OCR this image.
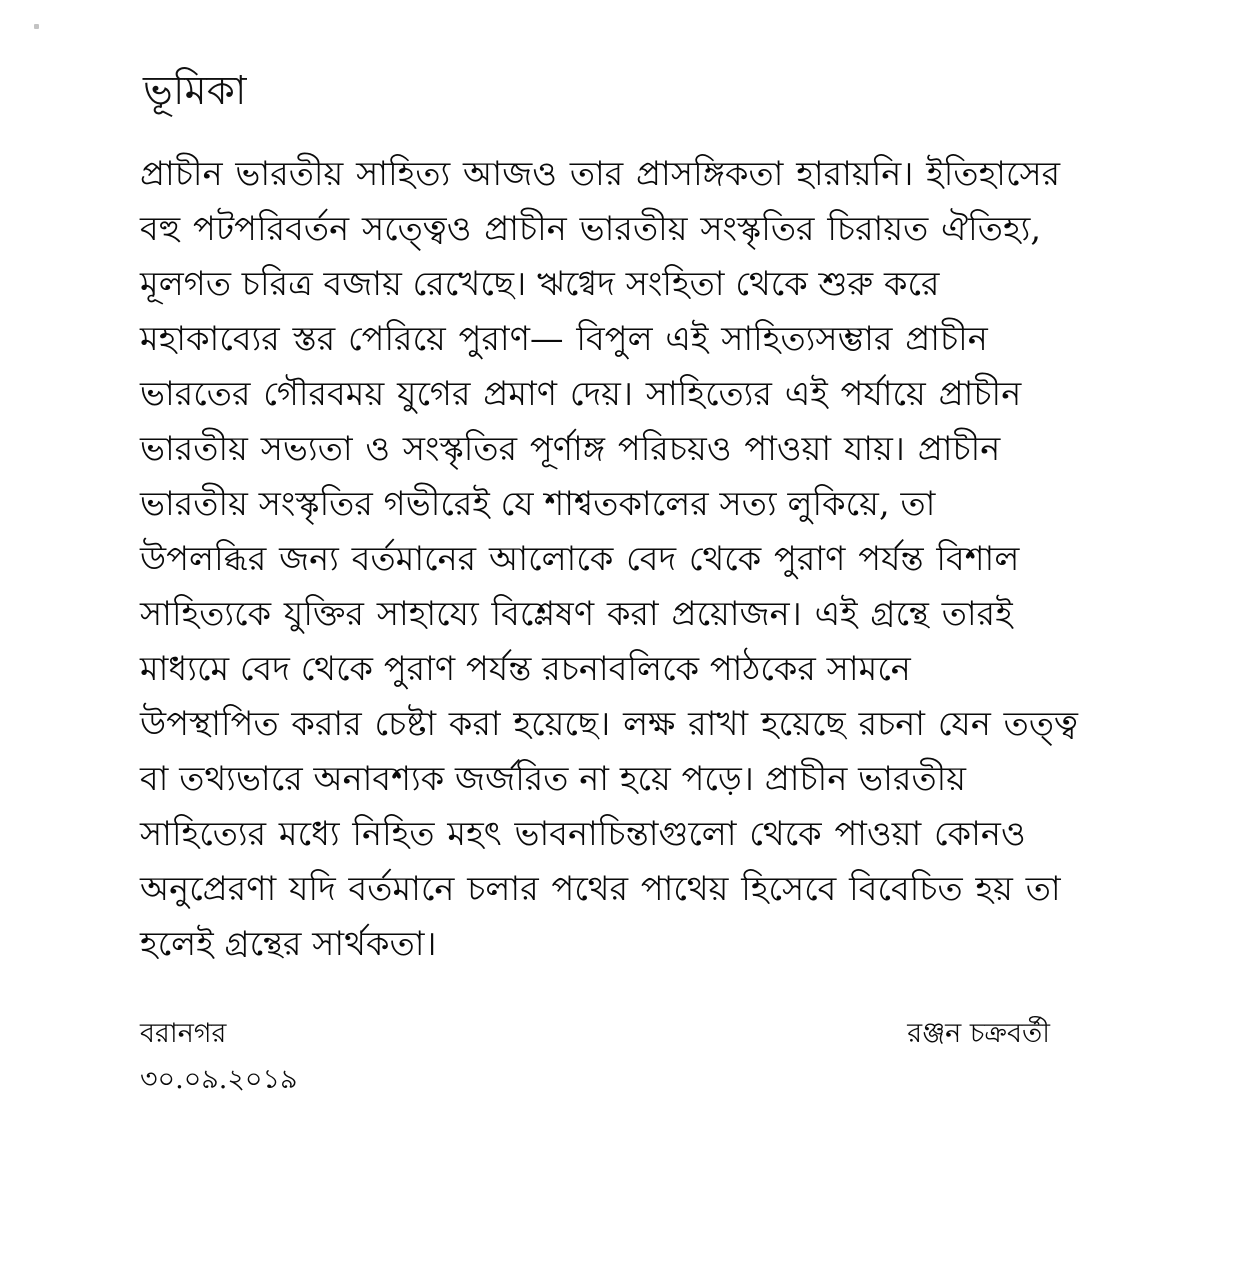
ভূমিকা
প্রাচীন ভারতীয় সাহিত্য আজও তার প্রাসঙ্গিকতা হারায়নি। ইতিহাসের
বহু পটপরিবর্তন সত্ত্বেও প্রাচীন ভারতীয় সংস্কৃতির চিরায়ত ঐতিহ্য,
মূলগত চরিত্র বজায় রেখেছে। ঋগ্বেদ সংহিতা থেকে শুরু করে
মহাকাব্যের স্তর পেরিয়ে পুরাণ— বিপুল এই সাহিত্যসম্ভার প্রাচীন
ভারতের গৌরবময় যুগের প্রমাণ দেয়। সাহিত্যের এই পর্যায়ে প্রাচীন
ভারতীয় সভ্যতা ও সংস্কৃতির পূর্ণাঙ্গ পরিচয়ও পাওয়া যায়। প্রাচীন
ভারতীয় সংস্কৃতির গভীরেই যে শাশ্বতকালের সত্য লুকিয়ে, তা
উপলব্ধির জন্য বর্তমানের আলোকে বেদ থেকে পুরাণ পর্যন্ত বিশাল
সাহিত্যকে যুক্তির সাহায্যে বিশ্লেষণ করা প্রয়োজন। এই গ্রন্থে তারই
মাধ্যমে বেদ থেকে পুরাণ পর্যন্ত রচনাবলিকে পাঠকের সামনে
উপস্থাপিত করার চেষ্টা করা হয়েছে। লক্ষ রাখা হয়েছে রচনা যেন তত্ত্ব
বা তথ্যভারে অনাবশ্যক জর্জরিত না হয়ে পড়ে। প্রাচীন ভারতীয়
সাহিত্যের মধ্যে নিহিত মহৎ ভাবনাচিন্তাগুলো থেকে পাওয়া কোনও
অনুপ্রেরণা যদি বর্তমানে চলার পথের পাথেয় হিসেবে বিবেচিত হয় তা
হলেই গ্রন্থের সার্থকতা।
বরানগর	রঞ্জন চক্রবর্তী
৩০.০৯.২০১৯
